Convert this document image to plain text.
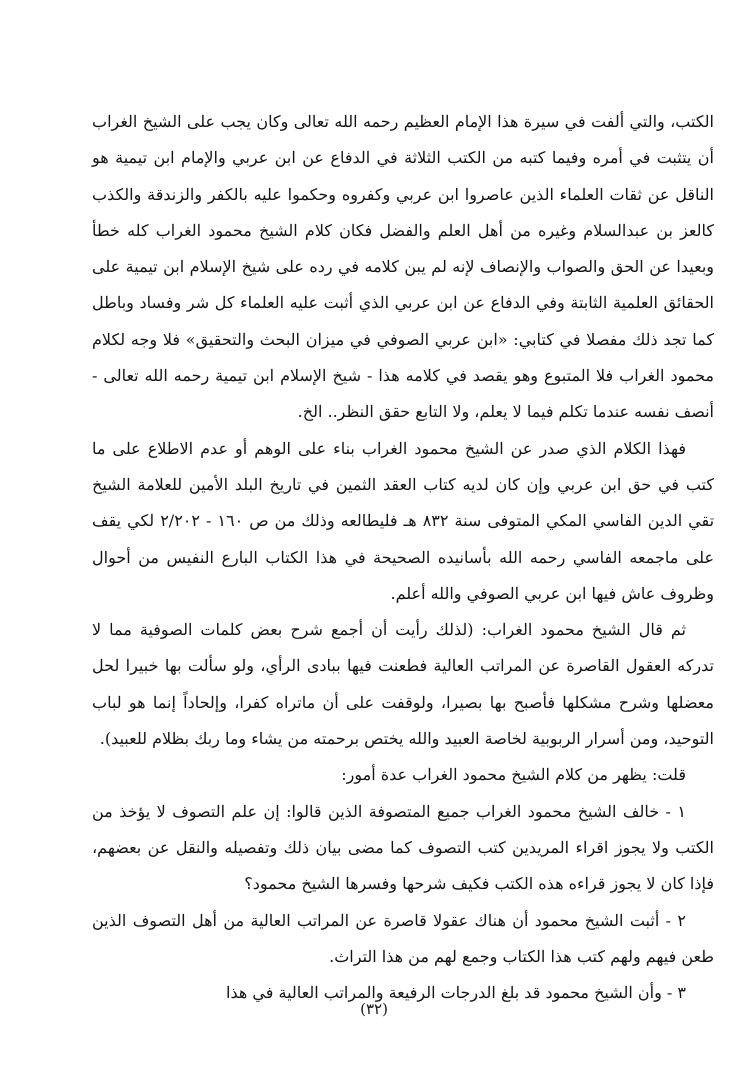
الكتب، والتي ألفت في سيرة هذا الإمام العظيم رحمه الله تعالى وكان يجب على الشيخ الغراب أن يتثبت في أمره وفيما كتبه من الكتب الثلاثة في الدفاع عن ابن عربي والإمام ابن تيمية هو الناقل عن ثقات العلماء الذين عاصروا ابن عربي وكفروه وحكموا عليه بالكفر والزندقة والكذب كالعز بن عبدالسلام وغيره من أهل العلم والفضل فكان كلام الشيخ محمود الغراب كله خطأ وبعيدا عن الحق والصواب والإنصاف لإنه لم يبن كلامه في رده على شيخ الإسلام ابن تيمية على الحقائق العلمية الثابتة وفي الدفاع عن ابن عربي الذي أثبت عليه العلماء كل شر وفساد وباطل كما تجد ذلك مفصلا في كتابي: «ابن عربي الصوفي في ميزان البحث والتحقيق» فلا وجه لكلام محمود الغراب فلا المتبوع وهو يقصد في كلامه هذا - شيخ الإسلام ابن تيمية رحمه الله تعالى - أنصف نفسه عندما تكلم فيما لا يعلم، ولا التابع حقق النظر.. الخ.

فهذا الكلام الذي صدر عن الشيخ محمود الغراب بناء على الوهم أو عدم الاطلاع على ما كتب في حق ابن عربي وإن كان لديه كتاب العقد الثمين في تاريخ البلد الأمين للعلامة الشيخ تقي الدين الفاسي المكي المتوفى سنة ٨٣٢ هـ فليطالعه وذلك من ص ١٦٠ - ٢/٢٠٢ لكي يقف على ماجمعه الفاسي رحمه الله بأسانيده الصحيحة في هذا الكتاب البارع النفيس من أحوال وظروف عاش فيها ابن عربي الصوفي والله أعلم.

ثم قال الشيخ محمود الغراب: (لذلك رأيت أن أجمع شرح بعض كلمات الصوفية مما لا تدركه العقول القاصرة عن المراتب العالية فطعنت فيها ببادى الرأي، ولو سألت بها خبيرا لحل معضلها وشرح مشكلها فأصبح بها بصيرا، ولوقفت على أن ماتراه كفرا، وإلحاداً إنما هو لباب التوحيد، ومن أسرار الربوبية لخاصة العبيد والله يختص برحمته من يشاء وما ربك بظلام للعبيد).

قلت: يظهر من كلام الشيخ محمود الغراب عدة أمور:

١ - خالف الشيخ محمود الغراب جميع المتصوفة الذين قالوا: إن علم التصوف لا يؤخذ من الكتب ولا يجوز اقراء المريدين كتب التصوف كما مضى بيان ذلك وتفصيله والنقل عن بعضهم، فإذا كان لا يجوز قراءه هذه الكتب فكيف شرحها وفسرها الشيخ محمود؟

٢ - أثبت الشيخ محمود أن هناك عقولا قاصرة عن المراتب العالية من أهل التصوف الذين طعن فيهم ولهم كتب هذا الكتاب وجمع لهم من هذا التراث.

٣ - وأن الشيخ محمود قد بلغ الدرجات الرفيعة والمراتب العالية في هذا

(٣٢)
